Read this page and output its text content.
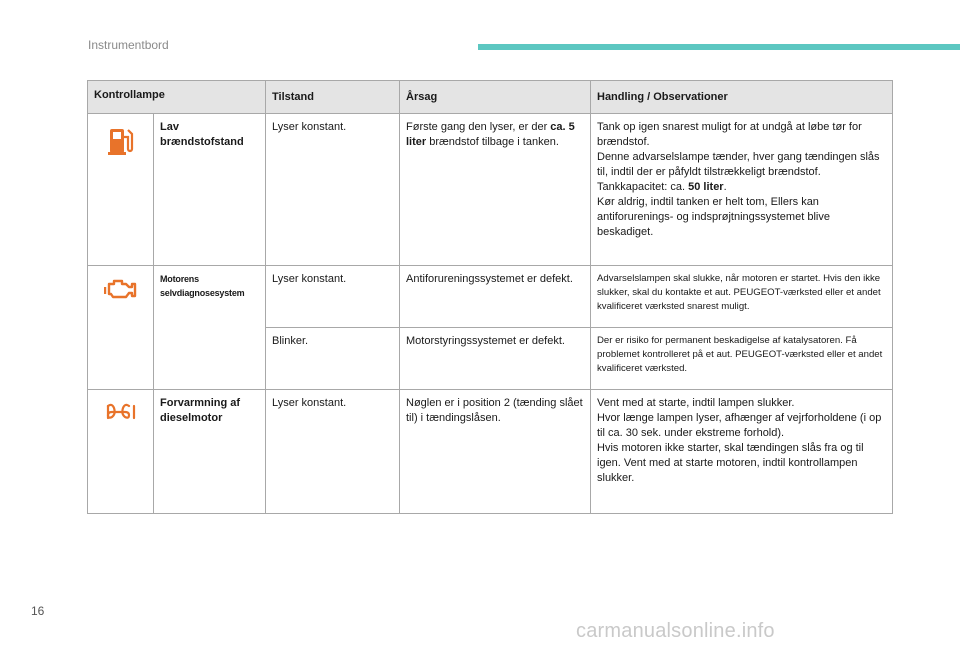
Instrumentbord
Kontrollampe		Tilstand	Årsag	Handling / Observationer

	Lav brændstofstand	Lyser konstant.	Første gang den lyser, er der ca. 5 liter brændstof tilbage i tanken.	Tank op igen snarest muligt for at undgå at løbe tør for brændstof.
Denne advarselslampe tænder, hver gang tændingen slås til, indtil der er påfyldt tilstrækkeligt brændstof.
Tankkapacitet: ca. 50 liter.
Kør aldrig, indtil tanken er helt tom, Ellers kan antiforurenings- og indsprøjtningssystemet blive beskadiget.

	Motorens selvdiagnosesystem	Lyser konstant.	Antiforureningssystemet er defekt.	Advarselslampen skal slukke, når motoren er startet. Hvis den ikke slukker, skal du kontakte et aut. PEUGEOT-værksted eller et andet kvalificeret værksted snarest muligt.
		Blinker.	Motorstyringssystemet er defekt.	Der er risiko for permanent beskadigelse af katalysatoren. Få problemet kontrolleret på et aut. PEUGEOT-værksted eller et andet kvalificeret værksted.

	Forvarmning af dieselmotor	Lyser konstant.	Nøglen er i position 2 (tænding slået til) i tændingslåsen.	Vent med at starte, indtil lampen slukker.
Hvor længe lampen lyser, afhænger af vejrforholdene (i op til ca. 30 sek. under ekstreme forhold).
Hvis motoren ikke starter, skal tændingen slås fra og til igen. Vent med at starte motoren, indtil kontrollampen slukker.
16
carmanualsonline.info
